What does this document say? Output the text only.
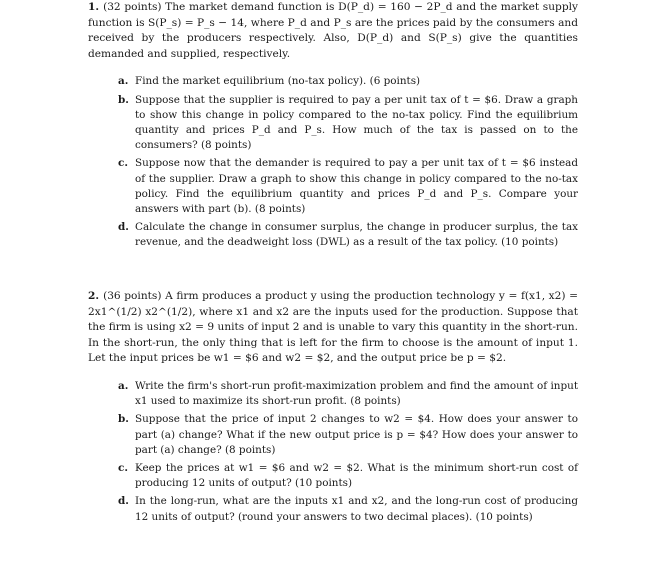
1. (32 points) The market demand function is D(P_d) = 160 − 2P_d and the market supply function is S(P_s) = P_s − 14, where P_d and P_s are the prices paid by the consumers and received by the producers respectively. Also, D(P_d) and S(P_s) give the quantities demanded and supplied, respectively.
a. Find the market equilibrium (no-tax policy). (6 points)
b. Suppose that the supplier is required to pay a per unit tax of t = $6. Draw a graph to show this change in policy compared to the no-tax policy. Find the equilibrium quantity and prices P_d and P_s. How much of the tax is passed on to the consumers? (8 points)
c. Suppose now that the demander is required to pay a per unit tax of t = $6 instead of the supplier. Draw a graph to show this change in policy compared to the no-tax policy. Find the equilibrium quantity and prices P_d and P_s. Compare your answers with part (b). (8 points)
d. Calculate the change in consumer surplus, the change in producer surplus, the tax revenue, and the deadweight loss (DWL) as a result of the tax policy. (10 points)
2. (36 points) A firm produces a product y using the production technology y = f(x1, x2) = 2x1^(1/2) x2^(1/2), where x1 and x2 are the inputs used for the production. Suppose that the firm is using x2 = 9 units of input 2 and is unable to vary this quantity in the short-run. In the short-run, the only thing that is left for the firm to choose is the amount of input 1. Let the input prices be w1 = $6 and w2 = $2, and the output price be p = $2.
a. Write the firm's short-run profit-maximization problem and find the amount of input x1 used to maximize its short-run profit. (8 points)
b. Suppose that the price of input 2 changes to w2 = $4. How does your answer to part (a) change? What if the new output price is p = $4? How does your answer to part (a) change? (8 points)
c. Keep the prices at w1 = $6 and w2 = $2. What is the minimum short-run cost of producing 12 units of output? (10 points)
d. In the long-run, what are the inputs x1 and x2, and the long-run cost of producing 12 units of output? (round your answers to two decimal places). (10 points)
